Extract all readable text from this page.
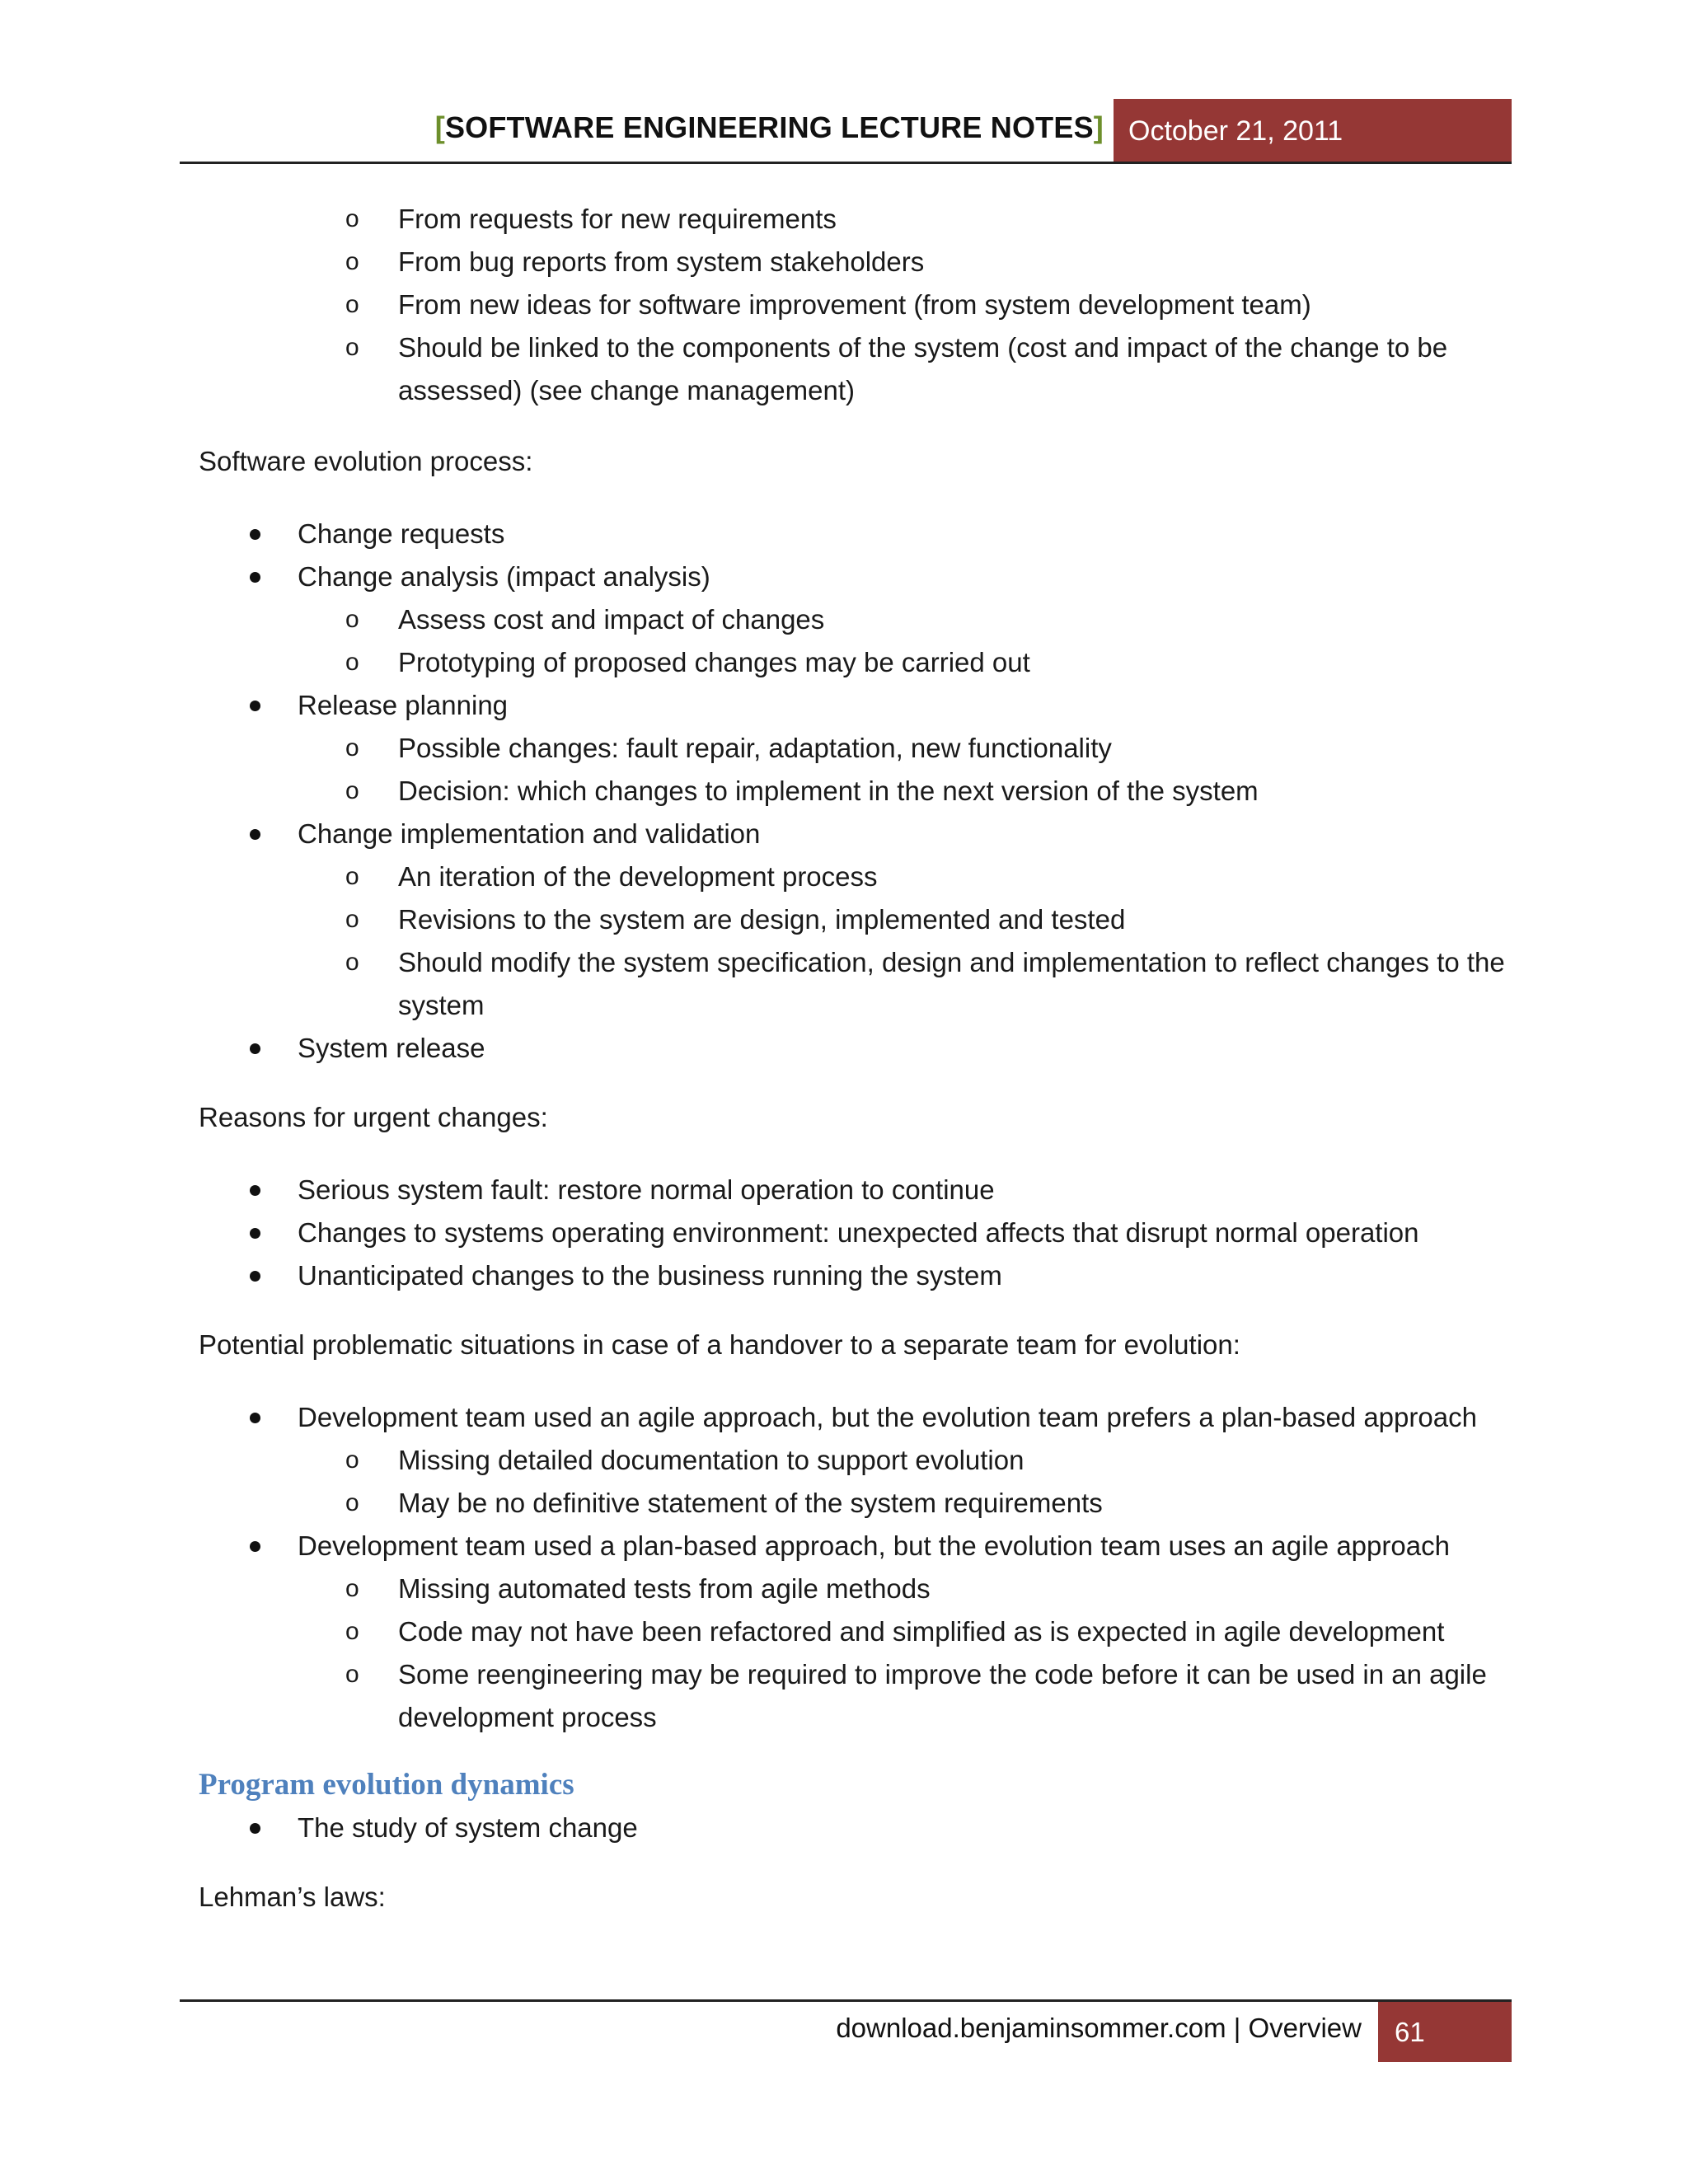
[SOFTWARE ENGINEERING LECTURE NOTES] October 21, 2011
o From requests for new requirements
o From bug reports from system stakeholders
o From new ideas for software improvement (from system development team)
o Should be linked to the components of the system (cost and impact of the change to be assessed) (see change management)
Software evolution process:
Change requests
Change analysis (impact analysis)
o Assess cost and impact of changes
o Prototyping of proposed changes may be carried out
Release planning
o Possible changes: fault repair, adaptation, new functionality
o Decision: which changes to implement in the next version of the system
Change implementation and validation
o An iteration of the development process
o Revisions to the system are design, implemented and tested
o Should modify the system specification, design and implementation to reflect changes to the system
System release
Reasons for urgent changes:
Serious system fault: restore normal operation to continue
Changes to systems operating environment: unexpected affects that disrupt normal operation
Unanticipated changes to the business running the system
Potential problematic situations in case of a handover to a separate team for evolution:
Development team used an agile approach, but the evolution team prefers a plan-based approach
o Missing detailed documentation to support evolution
o May be no definitive statement of the system requirements
Development team used a plan-based approach, but the evolution team uses an agile approach
o Missing automated tests from agile methods
o Code may not have been refactored and simplified as is expected in agile development
o Some reengineering may be required to improve the code before it can be used in an agile development process
Program evolution dynamics
The study of system change
Lehman’s laws:
download.benjaminsommer.com | Overview	61
